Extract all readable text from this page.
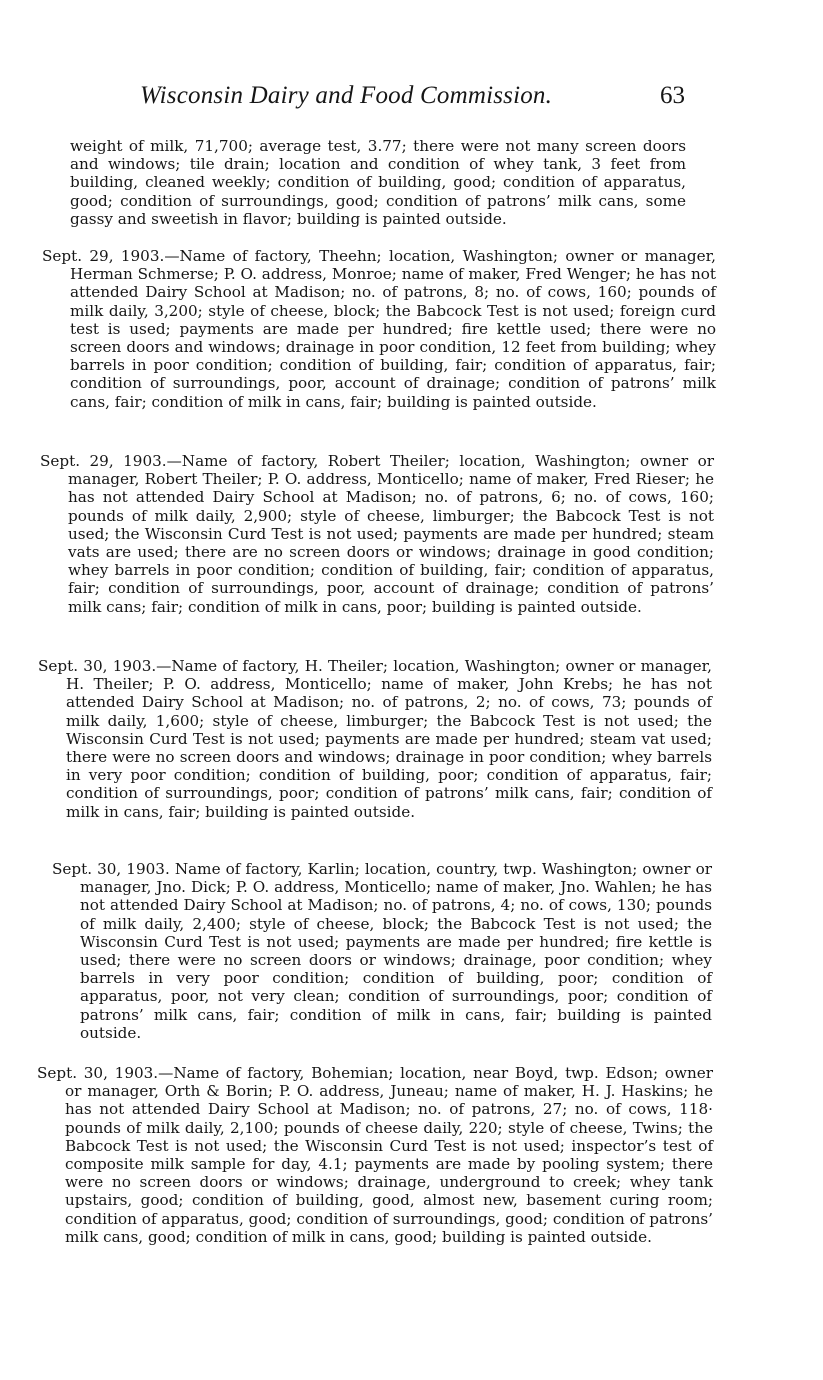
Wisconsin Dairy and Food Commission.	63

weight of milk, 71,700; average test, 3.77; there were not many screen doors and windows; tile drain; location and condition of whey tank, 3 feet from building, cleaned weekly; condition of building, good; condition of apparatus, good; condition of surroundings, good; condition of patrons’ milk cans, some gassy and sweetish in flavor; building is painted outside.

Sept. 29, 1903.—Name of factory, Theehn; location, Washington; owner or manager, Herman Schmerse; P. O. address, Monroe; name of maker, Fred Wenger; he has not attended Dairy School at Madison; no. of patrons, 8; no. of cows, 160; pounds of milk daily, 3,200; style of cheese, block; the Babcock Test is not used; foreign curd test is used; payments are made per hundred; fire kettle used; there were no screen doors and windows; drainage in poor condition, 12 feet from building; whey barrels in poor condition; condition of building, fair; condition of apparatus, fair; condition of surroundings, poor, account of drainage; condition of patrons’ milk cans, fair; condition of milk in cans, fair; building is painted outside.

Sept. 29, 1903.—Name of factory, Robert Theiler; location, Washington; owner or manager, Robert Theiler; P. O. address, Monticello; name of maker, Fred Rieser; he has not attended Dairy School at Madison; no. of patrons, 6; no. of cows, 160; pounds of milk daily, 2,900; style of cheese, limburger; the Babcock Test is not used; the Wisconsin Curd Test is not used; payments are made per hundred; steam vats are used; there are no screen doors or windows; drainage in good condition; whey barrels in poor condition; condition of building, fair; condition of apparatus, fair; condition of surroundings, poor, account of drainage; condition of patrons’ milk cans; fair; condition of milk in cans, poor; building is painted outside.

Sept. 30, 1903.—Name of factory, H. Theiler; location, Washington; owner or manager, H. Theiler; P. O. address, Monticello; name of maker, John Krebs; he has not attended Dairy School at Madison; no. of patrons, 2; no. of cows, 73; pounds of milk daily, 1,600; style of cheese, limburger; the Babcock Test is not used; the Wisconsin Curd Test is not used; payments are made per hundred; steam vat used; there were no screen doors and windows; drainage in poor condition; whey barrels in very poor condition; condition of building, poor; condition of apparatus, fair; condition of surroundings, poor; condition of patrons’ milk cans, fair; condition of milk in cans, fair; building is painted outside.

Sept. 30, 1903. Name of factory, Karlin; location, country, twp. Washington; owner or manager, Jno. Dick; P. O. address, Monticello; name of maker, Jno. Wahlen; he has not attended Dairy School at Madison; no. of patrons, 4; no. of cows, 130; pounds of milk daily, 2,400; style of cheese, block; the Babcock Test is not used; the Wisconsin Curd Test is not used; payments are made per hundred; fire kettle is used; there were no screen doors or windows; drainage, poor condition; whey barrels in very poor condition; condition of building, poor; condition of apparatus, poor, not very clean; condition of surroundings, poor; condition of patrons’ milk cans, fair; condition of milk in cans, fair; building is painted outside.

Sept. 30, 1903.—Name of factory, Bohemian; location, near Boyd, twp. Edson; owner or manager, Orth & Borin; P. O. address, Juneau; name of maker, H. J. Haskins; he has not attended Dairy School at Madison; no. of patrons, 27; no. of cows, 118· pounds of milk daily, 2,100; pounds of cheese daily, 220; style of cheese, Twins; the Babcock Test is not used; the Wisconsin Curd Test is not used; inspector’s test of composite milk sample for day, 4.1; payments are made by pooling system; there were no screen doors or windows; drainage, underground to creek; whey tank upstairs, good; condition of building, good, almost new, basement curing room; condition of apparatus, good; condition of surroundings, good; condition of patrons’ milk cans, good; condition of milk in cans, good; building is painted outside.
